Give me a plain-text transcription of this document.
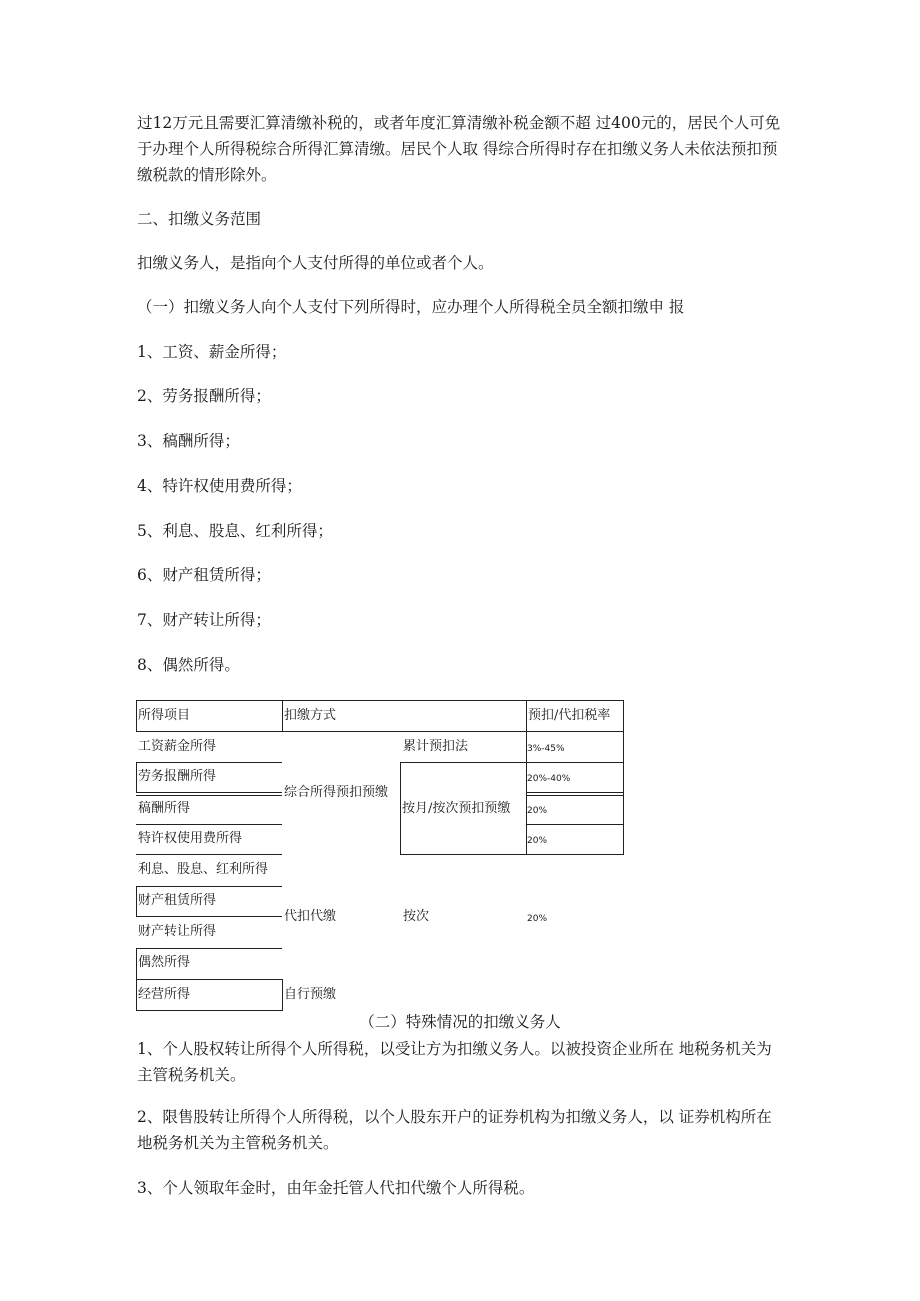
过12万元且需要汇算清缴补税的，或者年度汇算清缴补税金额不超 过400元的，居民个人可免于办理个人所得税综合所得汇算清缴。居民个人取 得综合所得时存在扣缴义务人未依法预扣预缴税款的情形除外。

二、扣缴义务范围

扣缴义务人，是指向个人支付所得的单位或者个人。

（一）扣缴义务人向个人支付下列所得时，应办理个人所得税全员全额扣缴申 报

1、工资、薪金所得；

2、劳务报酬所得；

3、稿酬所得；

4、特许权使用费所得；

5、利息、股息、红利所得；

6、财产租赁所得；

7、财产转让所得；

8、偶然所得。

所得项目	扣缴方式	预扣/代扣税率
工资薪金所得
劳务报酬所得
稿酬所得
特许权使用费所得
利息、股息、红利所得
财产租赁所得
财产转让所得
偶然所得
经营所得
综合所得预扣预缴
代扣代缴
自行预缴
累计预扣法
按月/按次预扣预缴
按次
3%-45%
20%-40%
20%
20%
20%
（二）特殊情况的扣缴义务人

1、个人股权转让所得个人所得税，以受让方为扣缴义务人。以被投资企业所在 地税务机关为主管税务机关。

2、限售股转让所得个人所得税，以个人股东开户的证券机构为扣缴义务人，以 证券机构所在地税务机关为主管税务机关。

3、个人领取年金时，由年金托管人代扣代缴个人所得税。
